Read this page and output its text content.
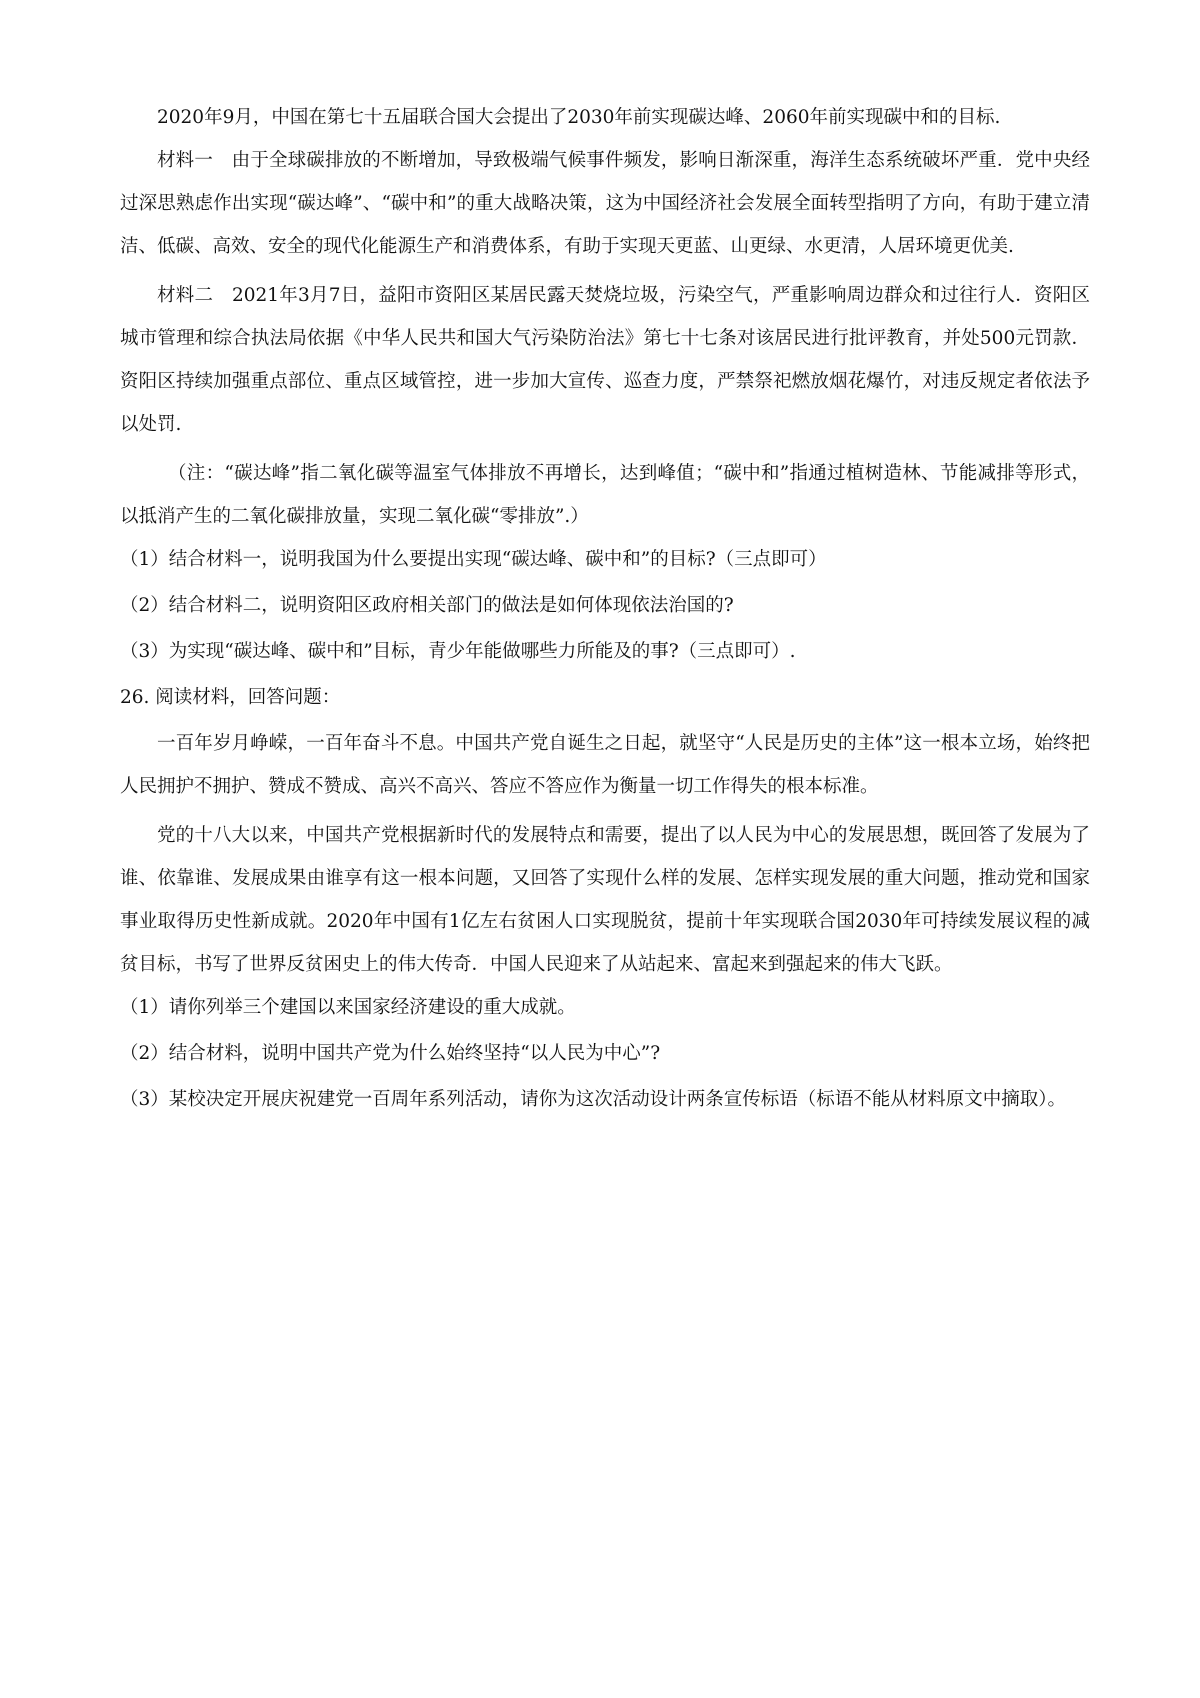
2020年9月，中国在第七十五届联合国大会提出了2030年前实现碳达峰、2060年前实现碳中和的目标.

材料一　由于全球碳排放的不断增加，导致极端气候事件频发，影响日渐深重，海洋生态系统破坏严重．党中央经过深思熟虑作出实现“碳达峰”、“碳中和”的重大战略决策，这为中国经济社会发展全面转型指明了方向，有助于建立清洁、低碳、高效、安全的现代化能源生产和消费体系，有助于实现天更蓝、山更绿、水更清，人居环境更优美.

材料二　2021年3月7日，益阳市资阳区某居民露天焚烧垃圾，污染空气，严重影响周边群众和过往行人．资阳区城市管理和综合执法局依据《中华人民共和国大气污染防治法》第七十七条对该居民进行批评教育，并处500元罚款．资阳区持续加强重点部位、重点区域管控，进一步加大宣传、巡查力度，严禁祭祀燃放烟花爆竹，对违反规定者依法予以处罚.

（注：“碳达峰”指二氧化碳等温室气体排放不再增长，达到峰值；“碳中和”指通过植树造林、节能减排等形式，以抵消产生的二氧化碳排放量，实现二氧化碳“零排放”.）

（1）结合材料一，说明我国为什么要提出实现“碳达峰、碳中和”的目标?（三点即可）

（2）结合材料二，说明资阳区政府相关部门的做法是如何体现依法治国的?

（3）为实现“碳达峰、碳中和”目标，青少年能做哪些力所能及的事?（三点即可）.

26. 阅读材料，回答问题：

一百年岁月峥嵘，一百年奋斗不息。中国共产党自诞生之日起，就坚守“人民是历史的主体”这一根本立场，始终把人民拥护不拥护、赞成不赞成、高兴不高兴、答应不答应作为衡量一切工作得失的根本标准。

党的十八大以来，中国共产党根据新时代的发展特点和需要，提出了以人民为中心的发展思想，既回答了发展为了谁、依靠谁、发展成果由谁享有这一根本问题，又回答了实现什么样的发展、怎样实现发展的重大问题，推动党和国家事业取得历史性新成就。2020年中国有1亿左右贫困人口实现脱贫，提前十年实现联合国2030年可持续发展议程的减贫目标，书写了世界反贫困史上的伟大传奇．中国人民迎来了从站起来、富起来到强起来的伟大飞跃。

（1）请你列举三个建国以来国家经济建设的重大成就。

（2）结合材料，说明中国共产党为什么始终坚持“以人民为中心”?

（3）某校决定开展庆祝建党一百周年系列活动，请你为这次活动设计两条宣传标语（标语不能从材料原文中摘取）。
